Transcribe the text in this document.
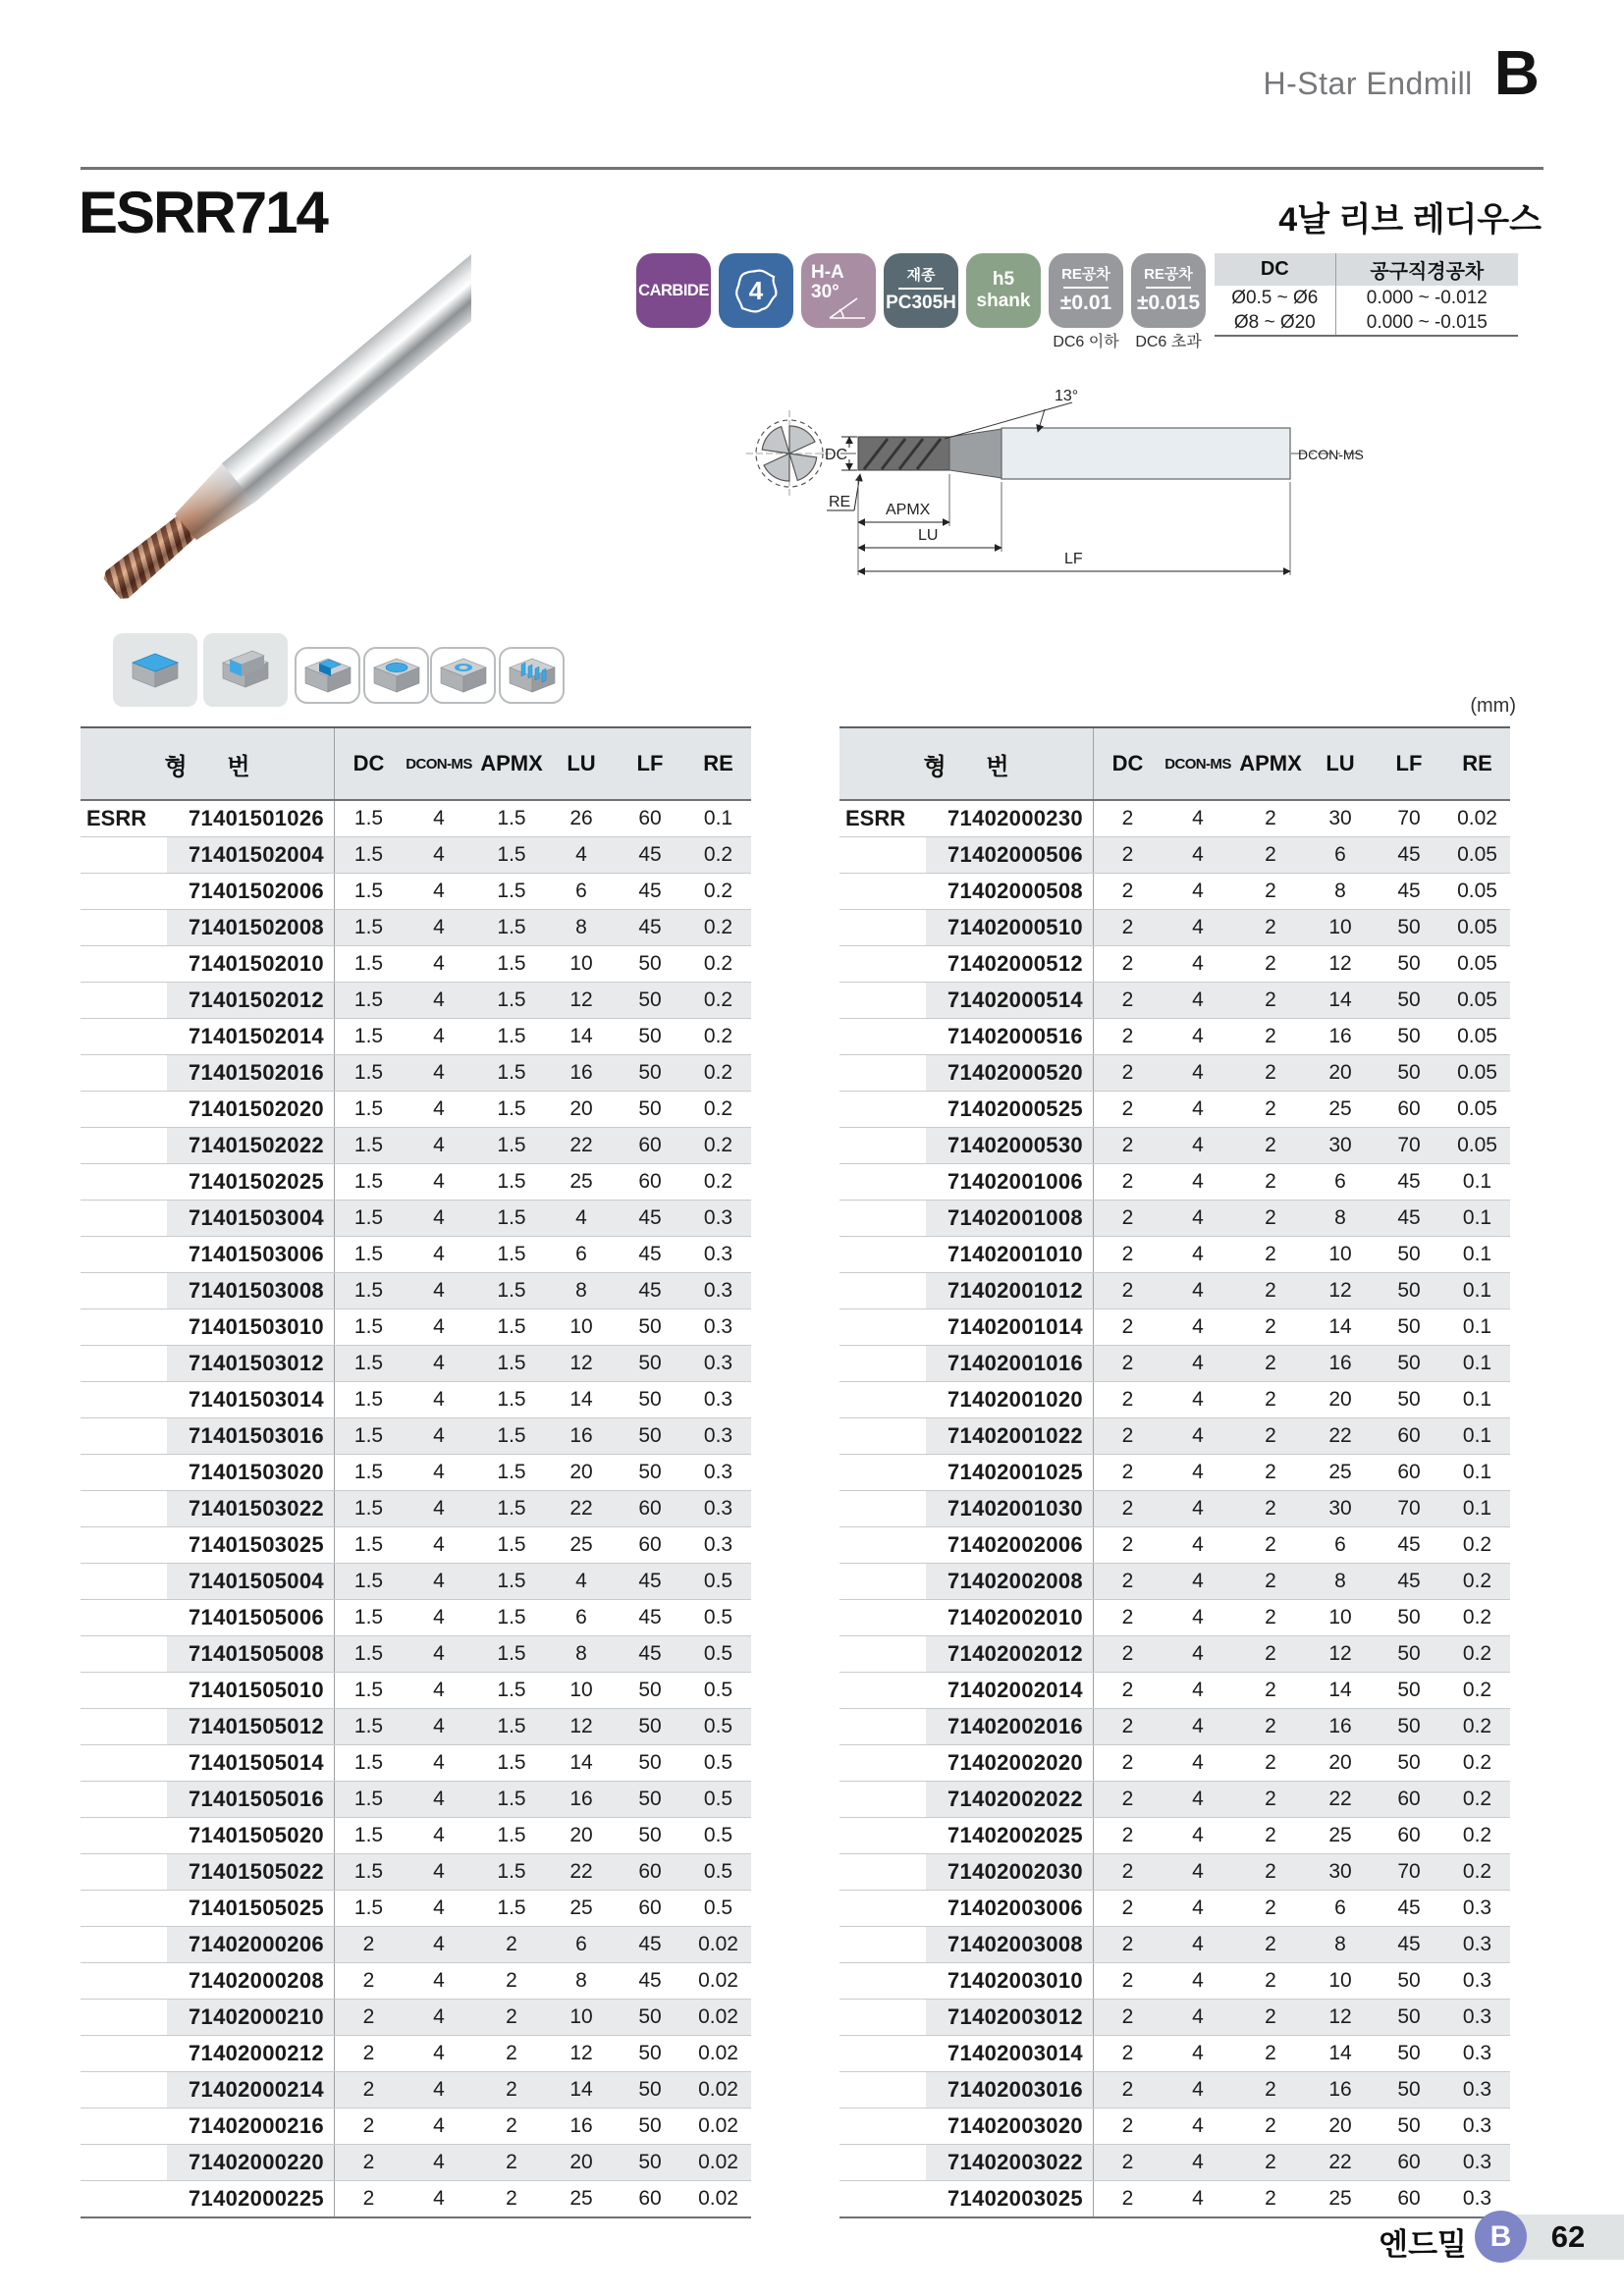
H-Star Endmill B
ESRR714	4날 리브 레디우스
CARBIDE 4
H-A
30°
재종
PC305H
h5
shank
RE공차
±0.01
DC6 이하
RE공차
±0.015
DC6 초과
DC	공구직경공차
Ø0.5 ~ Ø6	0.000 ~ -0.012
Ø8 ~ Ø20	0.000 ~ -0.015
13°
DC
RE APMX
LU
LF
DCON-MS
(mm)
형 번	DC	DCON-MS APMX	LU	LF	RE
ESRR	71401501026	1.5	4	1.5	26	60	0.1
71401502004	1.5	4	1.5	4	45	0.2
71401502006	1.5	4	1.5	6	45	0.2
71401502008	1.5	4	1.5	8	45	0.2
71401502010	1.5	4	1.5	10	50	0.2
71401502012	1.5	4	1.5	12	50	0.2
71401502014	1.5	4	1.5	14	50	0.2
71401502016	1.5	4	1.5	16	50	0.2
71401502020	1.5	4	1.5	20	50	0.2
71401502022	1.5	4	1.5	22	60	0.2
71401502025	1.5	4	1.5	25	60	0.2
71401503004	1.5	4	1.5	4	45	0.3
71401503006	1.5	4	1.5	6	45	0.3
71401503008	1.5	4	1.5	8	45	0.3
71401503010	1.5	4	1.5	10	50	0.3
71401503012	1.5	4	1.5	12	50	0.3
71401503014	1.5	4	1.5	14	50	0.3
71401503016	1.5	4	1.5	16	50	0.3
71401503020	1.5	4	1.5	20	50	0.3
71401503022	1.5	4	1.5	22	60	0.3
71401503025	1.5	4	1.5	25	60	0.3
71401505004	1.5	4	1.5	4	45	0.5
71401505006	1.5	4	1.5	6	45	0.5
71401505008	1.5	4	1.5	8	45	0.5
71401505010	1.5	4	1.5	10	50	0.5
71401505012	1.5	4	1.5	12	50	0.5
71401505014	1.5	4	1.5	14	50	0.5
71401505016	1.5	4	1.5	16	50	0.5
71401505020	1.5	4	1.5	20	50	0.5
71401505022	1.5	4	1.5	22	60	0.5
71401505025	1.5	4	1.5	25	60	0.5
71402000206	2	4	2	6	45	0.02
71402000208	2	4	2	8	45	0.02
71402000210	2	4	2	10	50	0.02
71402000212	2	4	2	12	50	0.02
71402000214	2	4	2	14	50	0.02
71402000216	2	4	2	16	50	0.02
71402000220	2	4	2	20	50	0.02
71402000225	2	4	2	25	60	0.02
형 번	DC	DCON-MS APMX	LU	LF	RE
ESRR	71402000230	2	4	2	30	70	0.02
71402000506	2	4	2	6	45	0.05
71402000508	2	4	2	8	45	0.05
71402000510	2	4	2	10	50	0.05
71402000512	2	4	2	12	50	0.05
71402000514	2	4	2	14	50	0.05
71402000516	2	4	2	16	50	0.05
71402000520	2	4	2	20	50	0.05
71402000525	2	4	2	25	60	0.05
71402000530	2	4	2	30	70	0.05
71402001006	2	4	2	6	45	0.1
71402001008	2	4	2	8	45	0.1
71402001010	2	4	2	10	50	0.1
71402001012	2	4	2	12	50	0.1
71402001014	2	4	2	14	50	0.1
71402001016	2	4	2	16	50	0.1
71402001020	2	4	2	20	50	0.1
71402001022	2	4	2	22	60	0.1
71402001025	2	4	2	25	60	0.1
71402001030	2	4	2	30	70	0.1
71402002006	2	4	2	6	45	0.2
71402002008	2	4	2	8	45	0.2
71402002010	2	4	2	10	50	0.2
71402002012	2	4	2	12	50	0.2
71402002014	2	4	2	14	50	0.2
71402002016	2	4	2	16	50	0.2
71402002020	2	4	2	20	50	0.2
71402002022	2	4	2	22	60	0.2
71402002025	2	4	2	25	60	0.2
71402002030	2	4	2	30	70	0.2
71402003006	2	4	2	6	45	0.3
71402003008	2	4	2	8	45	0.3
71402003010	2	4	2	10	50	0.3
71402003012	2	4	2	12	50	0.3
71402003014	2	4	2	14	50	0.3
71402003016	2	4	2	16	50	0.3
71402003020	2	4	2	20	50	0.3
71402003022	2	4	2	22	60	0.3
71402003025	2	4	2	25	60	0.3
엔드밀 B	62
